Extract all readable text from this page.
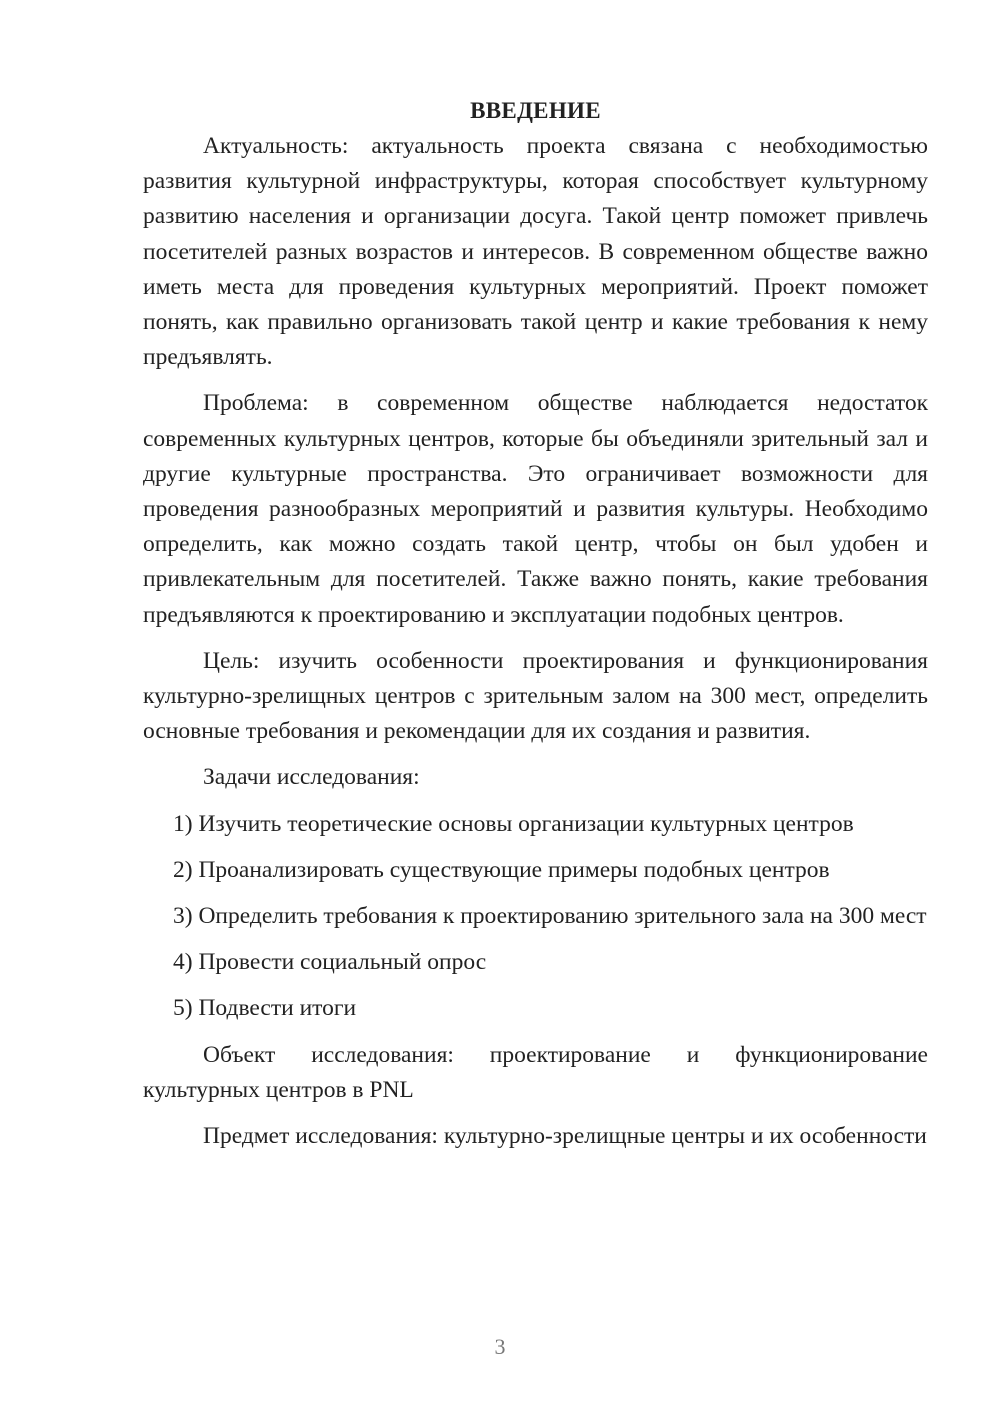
ВВЕДЕНИЕ

Актуальность: актуальность проекта связана с необходимостью развития культурной инфраструктуры, которая способствует культурному развитию населения и организации досуга. Такой центр поможет привлечь посетителей разных возрастов и интересов. В современном обществе важно иметь места для проведения культурных мероприятий. Проект поможет понять, как правильно организовать такой центр и какие требования к нему предъявлять.

Проблема: в современном обществе наблюдается недостаток современных культурных центров, которые бы объединяли зрительный зал и другие культурные пространства. Это ограничивает возможности для проведения разнообразных мероприятий и развития культуры. Необходимо определить, как можно создать такой центр, чтобы он был удобен и привлекательным для посетителей. Также важно понять, какие требования предъявляются к проектированию и эксплуатации подобных центров.

Цель: изучить особенности проектирования и функционирования культурно-зрелищных центров с зрительным залом на 300 мест, определить основные требования и рекомендации для их создания и развития.

Задачи исследования:

1) Изучить теоретические основы организации культурных центров

2) Проанализировать существующие примеры подобных центров

3) Определить требования к проектированию зрительного зала на 300 мест

4) Провести социальный опрос

5) Подвести итоги

Объект исследования: проектирование и функционирование культурных центров в PNL

Предмет исследования: культурно-зрелищные центры и их особенности

3
